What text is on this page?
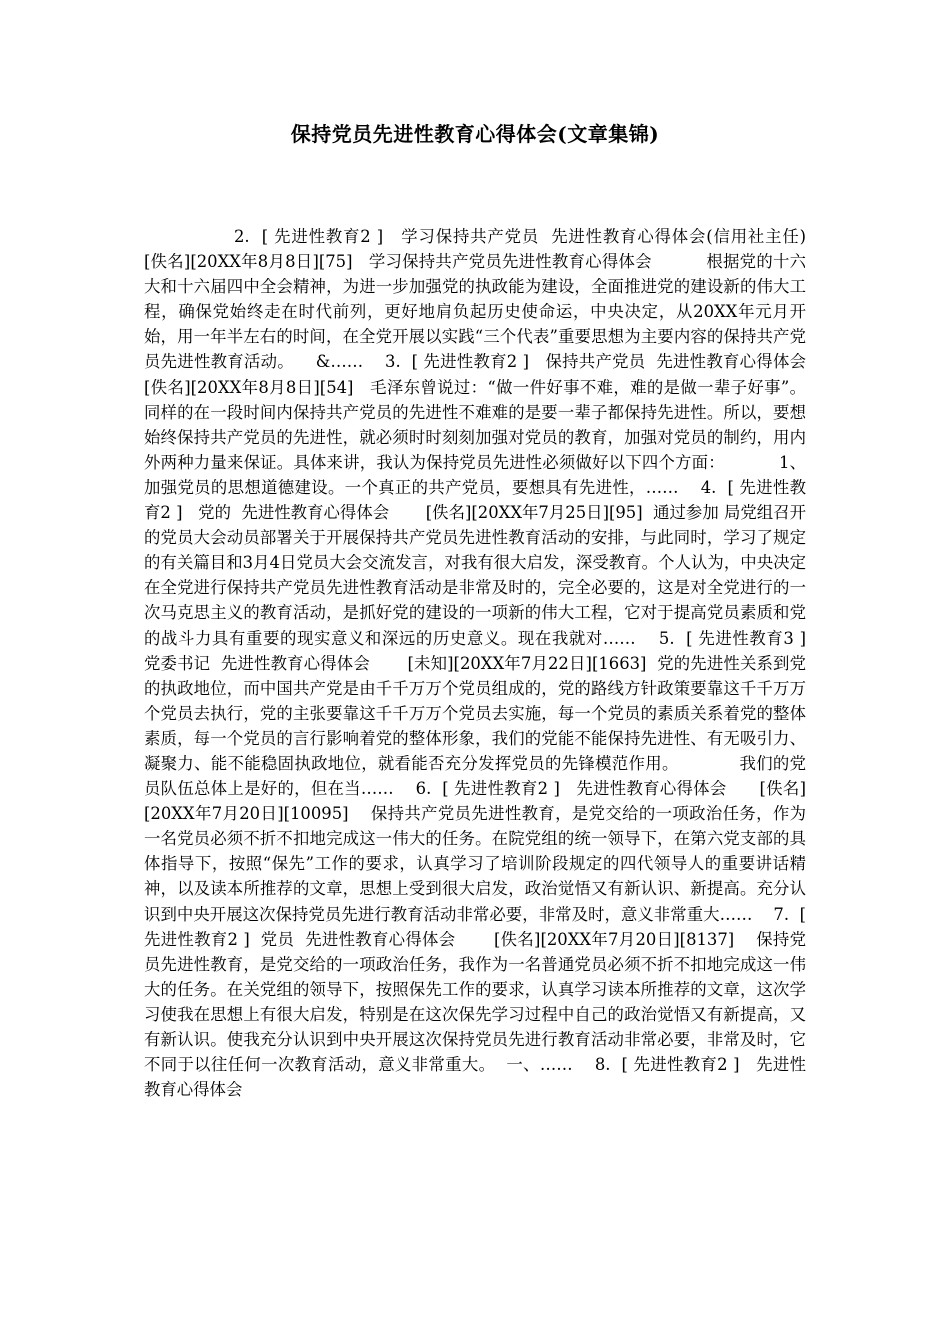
保持党员先进性教育心得体会(文章集锦)

2.  [ 先进性教育2 ]   学习保持共产党员  先进性教育心得体会(信用社主任)    [佚名][20XX年8月8日][75]   学习保持共产党员先进性教育心得体会          根据党的十六大和十六届四中全会精神，为进一步加强党的执政能为建设，全面推进党的建设新的伟大工程，确保党始终走在时代前列，更好地肩负起历史使命运，中央决定，从20XX年元月开始，用一年半左右的时间，在全党开展以实践“三个代表”重要思想为主要内容的保持共产党员先进性教育活动。    &……    3.  [ 先进性教育2 ]   保持共产党员  先进性教育心得体会    [佚名][20XX年8月8日][54]   毛泽东曾说过：“做一件好事不难，难的是做一辈子好事”。同样的在一段时间内保持共产党员的先进性不难难的是要一辈子都保持先进性。所以，要想始终保持共产党员的先进性，就必须时时刻刻加强对党员的教育，加强对党员的制约，用内外两种力量来保证。具体来讲，我认为保持党员先进性必须做好以下四个方面：          1、加强党员的思想道德建设。一个真正的共产党员，要想具有先进性，……    4.  [ 先进性教育2 ]   党的  先进性教育心得体会       [佚名][20XX年7月25日][95]  通过参加 局党组召开的党员大会动员部署关于开展保持共产党员先进性教育活动的安排，与此同时，学习了规定的有关篇目和3月4日党员大会交流发言，对我有很大启发，深受教育。个人认为，中央决定在全党进行保持共产党员先进性教育活动是非常及时的，完全必要的，这是对全党进行的一次马克思主义的教育活动，是抓好党的建设的一项新的伟大工程，它对于提高党员素质和党的战斗力具有重要的现实意义和深远的历史意义。现在我就对……    5.  [ 先进性教育3 ]   党委书记  先进性教育心得体会       [未知][20XX年7月22日][1663]  党的先进性关系到党的执政地位，而中国共产党是由千千万万个党员组成的，党的路线方针政策要靠这千千万万个党员去执行，党的主张要靠这千千万万个党员去实施，每一个党员的素质关系着党的整体素质，每一个党员的言行影响着党的整体形象，我们的党能不能保持先进性、有无吸引力、凝聚力、能不能稳固执政地位，就看能否充分发挥党员的先锋模范作用。           我们的党员队伍总体上是好的，但在当……    6.  [ 先进性教育2 ]   先进性教育心得体会      [佚名][20XX年7月20日][10095]    保持共产党员先进性教育，是党交给的一项政治任务，作为一名党员必须不折不扣地完成这一伟大的任务。在院党组的统一领导下，在第六党支部的具体指导下，按照“保先”工作的要求，认真学习了培训阶段规定的四代领导人的重要讲话精神，以及读本所推荐的文章，思想上受到很大启发，政治觉悟又有新认识、新提高。充分认识到中央开展这次保持党员先进行教育活动非常必要，非常及时，意义非常重大……    7.  [ 先进性教育2 ]  党员  先进性教育心得体会       [佚名][20XX年7月20日][8137]    保持党员先进性教育，是党交给的一项政治任务，我作为一名普通党员必须不折不扣地完成这一伟大的任务。在关党组的领导下，按照保先工作的要求，认真学习读本所推荐的文章，这次学习使我在思想上有很大启发，特别是在这次保先学习过程中自己的政治觉悟又有新提高，又有新认识。使我充分认识到中央开展这次保持党员先进行教育活动非常必要，非常及时，它不同于以往任何一次教育活动，意义非常重大。  一、……    8.  [ 先进性教育2 ]   先进性教育心得体会
